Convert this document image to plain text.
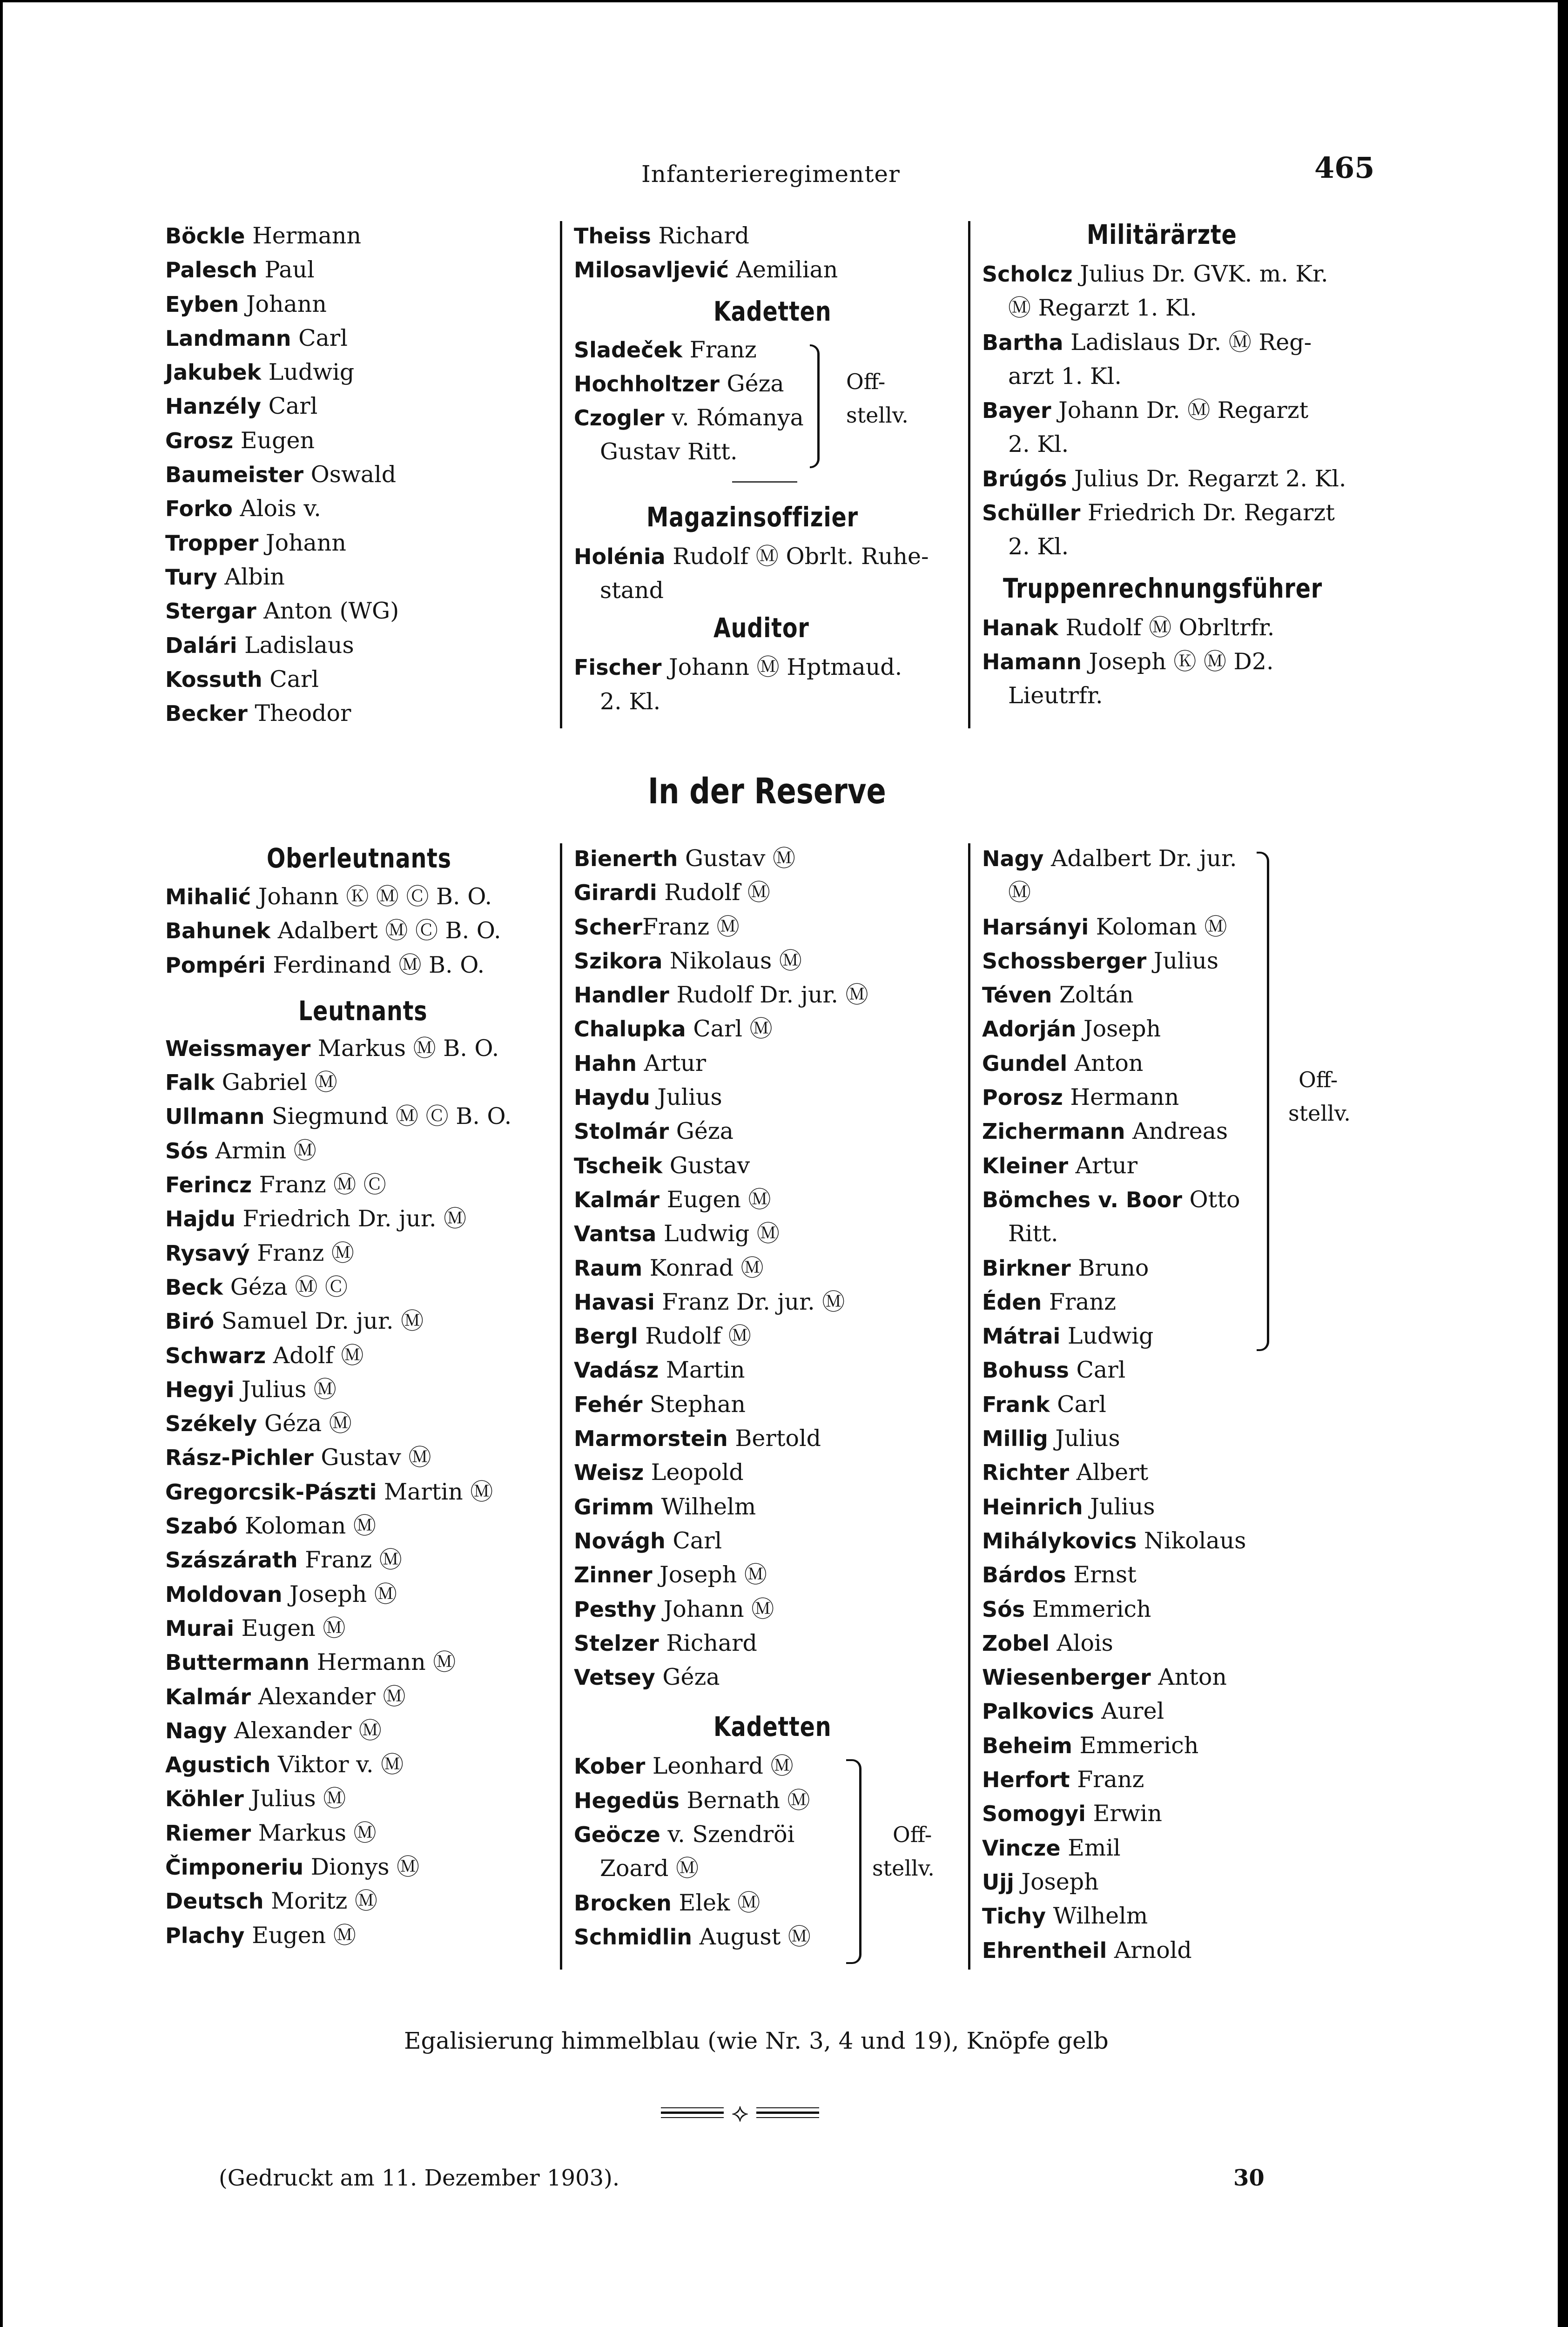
Infanterieregimenter	465
Böckle Hermann
Palesch Paul
Eyben Johann
Landmann Carl
Jakubek Ludwig
Hanzély Carl
Grosz Eugen
Baumeister Oswald
Forko Alois v.
Tropper Johann
Tury Albin
Stergar Anton (WG)
Dalári Ladislaus
Kossuth Carl
Becker Theodor
Theiss Richard
Milosavljević Aemilian
Kadetten
Sladeček Franz
Hochholtzer Géza
Czogler v. Rómanya
Gustav Ritt.
Magazinsoffizier
Holénia Rudolf Ⓜ Obrlt. Ruhe-
stand
Auditor
Fischer Johann Ⓜ Hptmaud.
2. Kl.
Off-
stellv.
Militärärzte
Scholcz Julius Dr. GVK. m. Kr.
Ⓜ Regarzt 1. Kl.
Bartha Ladislaus Dr. Ⓜ Reg-
arzt 1. Kl.
Bayer Johann Dr. Ⓜ Regarzt
2. Kl.
Brúgós Julius Dr. Regarzt 2. Kl.
Schüller Friedrich Dr. Regarzt
2. Kl.
Truppenrechnungsführer
Hanak Rudolf Ⓜ Obrltrfr.
Hamann Joseph Ⓚ Ⓜ D2.
Lieutrfr.
In der Reserve
Oberleutnants
Mihalić Johann Ⓚ Ⓜ Ⓒ B. O.
Bahunek Adalbert Ⓜ Ⓒ B. O.
Pompéri Ferdinand Ⓜ B. O.
Leutnants
Weissmayer Markus Ⓜ B. O.
Falk Gabriel Ⓜ
Ullmann Siegmund Ⓜ Ⓒ B. O.
Sós Armin Ⓜ
Ferincz Franz Ⓜ Ⓒ
Hajdu Friedrich Dr. jur. Ⓜ
Rysavý Franz Ⓜ
Beck Géza Ⓜ Ⓒ
Biró Samuel Dr. jur. Ⓜ
Schwarz Adolf Ⓜ
Hegyi Julius Ⓜ
Székely Géza Ⓜ
Rász-Pichler Gustav Ⓜ
Gregorcsik-Pászti Martin Ⓜ
Szabó Koloman Ⓜ
Szászárath Franz Ⓜ
Moldovan Joseph Ⓜ
Murai Eugen Ⓜ
Buttermann Hermann Ⓜ
Kalmár Alexander Ⓜ
Nagy Alexander Ⓜ
Agustich Viktor v. Ⓜ
Köhler Julius Ⓜ
Riemer Markus Ⓜ
Čimponeriu Dionys Ⓜ
Deutsch Moritz Ⓜ
Plachy Eugen Ⓜ
Bienerth Gustav Ⓜ
Girardi Rudolf Ⓜ
ScherFranz Ⓜ
Szikora Nikolaus Ⓜ
Handler Rudolf Dr. jur. Ⓜ
Chalupka Carl Ⓜ
Hahn Artur
Haydu Julius
Stolmár Géza
Tscheik Gustav
Kalmár Eugen Ⓜ
Vantsa Ludwig Ⓜ
Raum Konrad Ⓜ
Havasi Franz Dr. jur. Ⓜ
Bergl Rudolf Ⓜ
Vadász Martin
Fehér Stephan
Marmorstein Bertold
Weisz Leopold
Grimm Wilhelm
Novágh Carl
Zinner Joseph Ⓜ
Pesthy Johann Ⓜ
Stelzer Richard
Vetsey Géza
Kadetten
Kober Leonhard Ⓜ
Hegedüs Bernath Ⓜ
Geöcze v. Szendröi
Zoard Ⓜ
Brocken Elek Ⓜ
Schmidlin August Ⓜ
Off-
stellv.
Nagy Adalbert Dr. jur.
Ⓜ
Harsányi Koloman Ⓜ
Schossberger Julius
Téven Zoltán
Adorján Joseph
Gundel Anton
Porosz Hermann
Zichermann Andreas
Kleiner Artur
Bömches v. Boor Otto
Ritt.
Birkner Bruno
Éden Franz
Mátrai Ludwig
Bohuss Carl
Frank Carl
Millig Julius
Richter Albert
Heinrich Julius
Mihálykovics Nikolaus
Bárdos Ernst
Sós Emmerich
Zobel Alois
Wiesenberger Anton
Palkovics Aurel
Beheim Emmerich
Herfort Franz
Somogyi Erwin
Vincze Emil
Ujj Joseph
Tichy Wilhelm
Ehrentheil Arnold
Off-
stellv.
Egalisierung himmelblau (wie Nr. 3, 4 und 19), Knöpfe gelb
⟡
(Gedruckt am 11. Dezember 1903).	30
